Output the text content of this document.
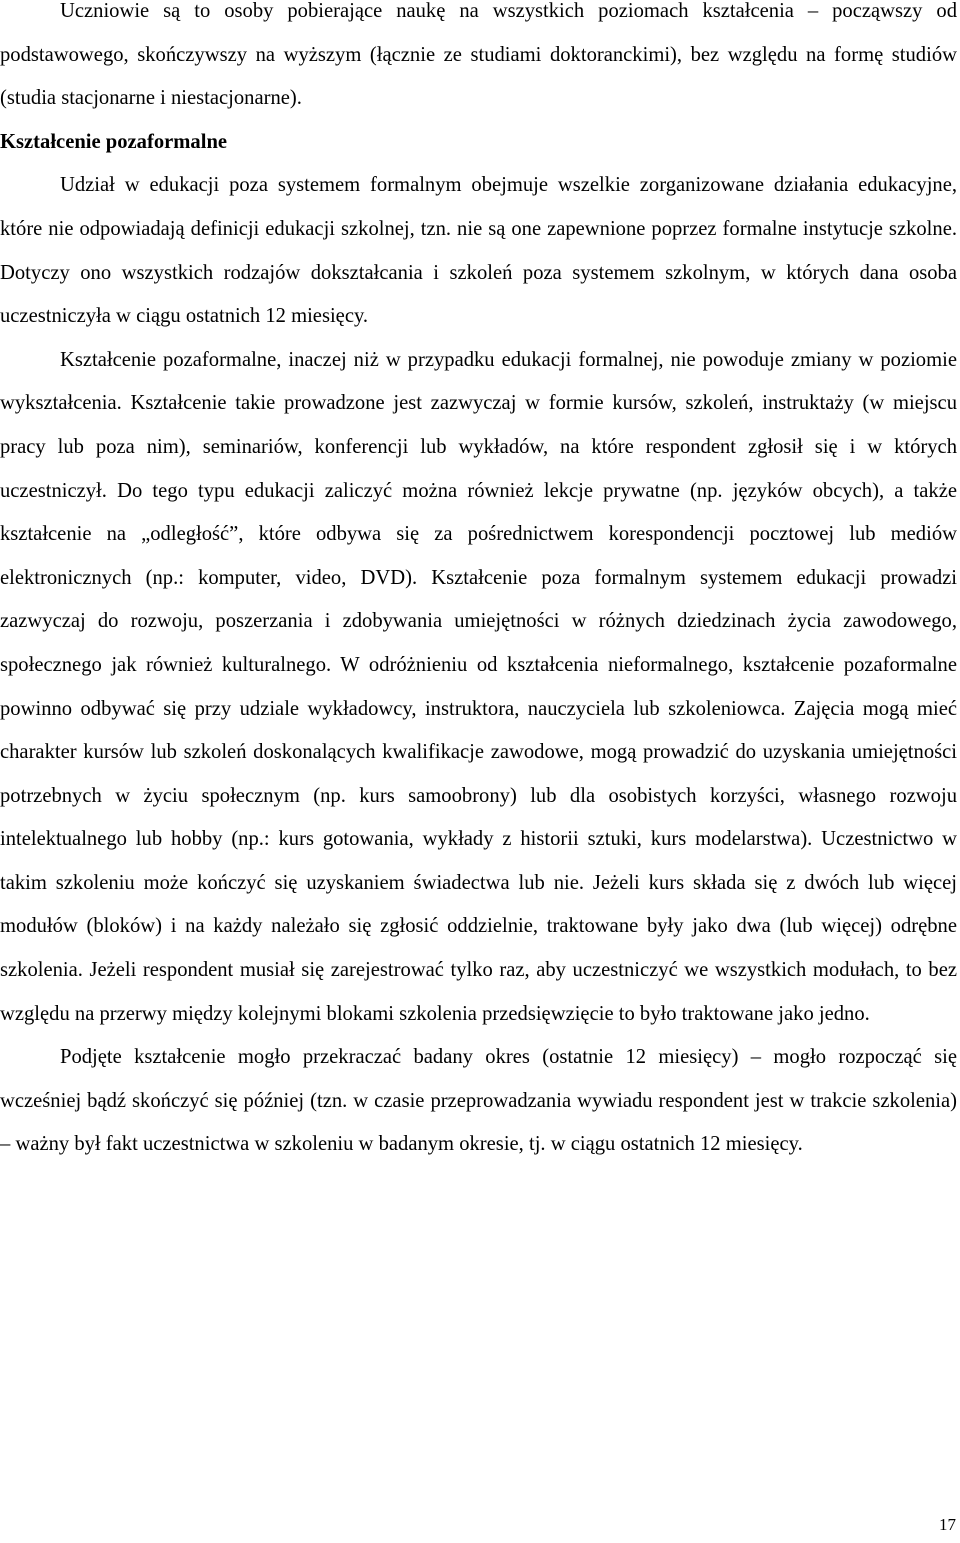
Uczniowie są to osoby pobierające naukę na wszystkich poziomach kształcenia – począwszy od podstawowego, skończywszy na wyższym (łącznie ze studiami doktoranckimi), bez względu na formę studiów (studia stacjonarne i niestacjonarne).

Kształcenie pozaformalne

Udział w edukacji poza systemem formalnym obejmuje wszelkie zorganizowane działania edukacyjne, które nie odpowiadają definicji edukacji szkolnej, tzn. nie są one zapewnione poprzez formalne instytucje szkolne. Dotyczy ono wszystkich rodzajów dokształcania i szkoleń poza systemem szkolnym, w których dana osoba uczestniczyła w ciągu ostatnich 12 miesięcy.

Kształcenie pozaformalne, inaczej niż w przypadku edukacji formalnej, nie powoduje zmiany w poziomie wykształcenia. Kształcenie takie prowadzone jest zazwyczaj w formie kursów, szkoleń, instruktaży (w miejscu pracy lub poza nim), seminariów, konferencji lub wykładów, na które respondent zgłosił się i w których uczestniczył. Do tego typu edukacji zaliczyć można również lekcje prywatne (np. języków obcych), a także kształcenie na „odległość”, które odbywa się za pośrednictwem korespondencji pocztowej lub mediów elektronicznych (np.: komputer, video, DVD). Kształcenie poza formalnym systemem edukacji prowadzi zazwyczaj do rozwoju, poszerzania i zdobywania umiejętności w różnych dziedzinach życia zawodowego, społecznego jak również kulturalnego. W odróżnieniu od kształcenia nieformalnego, kształcenie pozaformalne powinno odbywać się przy udziale wykładowcy, instruktora, nauczyciela lub szkoleniowca. Zajęcia mogą mieć charakter kursów lub szkoleń doskonalących kwalifikacje zawodowe, mogą prowadzić do uzyskania umiejętności potrzebnych w życiu społecznym (np. kurs samoobrony) lub dla osobistych korzyści, własnego rozwoju intelektualnego lub hobby (np.: kurs gotowania, wykłady z historii sztuki, kurs modelarstwa). Uczestnictwo w takim szkoleniu może kończyć się uzyskaniem świadectwa lub nie. Jeżeli kurs składa się z dwóch lub więcej modułów (bloków) i na każdy należało się zgłosić oddzielnie, traktowane były jako dwa (lub więcej) odrębne szkolenia. Jeżeli respondent musiał się zarejestrować tylko raz, aby uczestniczyć we wszystkich modułach, to bez względu na przerwy między kolejnymi blokami szkolenia przedsięwzięcie to było traktowane jako jedno.

Podjęte kształcenie mogło przekraczać badany okres (ostatnie 12 miesięcy) – mogło rozpocząć się wcześniej bądź skończyć się później (tzn. w czasie przeprowadzania wywiadu respondent jest w trakcie szkolenia) – ważny był fakt uczestnictwa w szkoleniu w badanym okresie, tj. w ciągu ostatnich 12 miesięcy.

17
